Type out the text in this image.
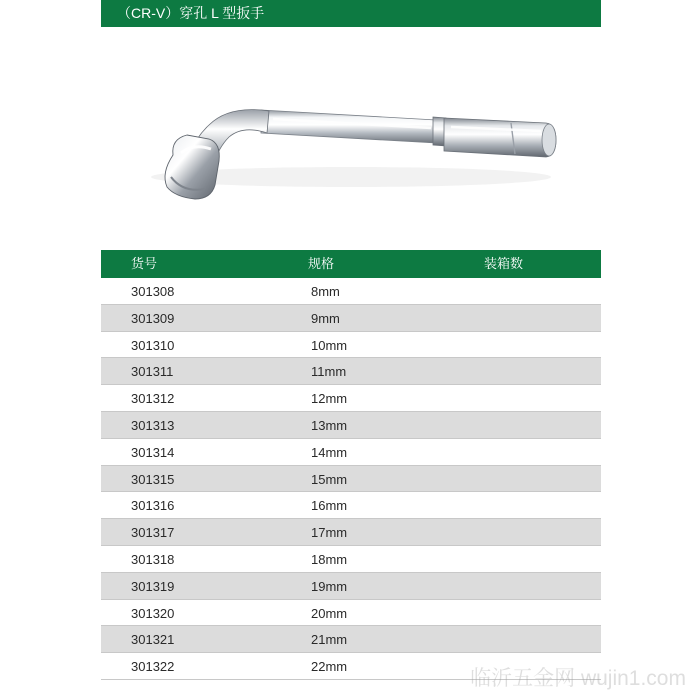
（CR-V）穿孔 L 型扳手
货号	规格	装箱数
301308	8mm
301309	9mm
301310	10mm
301311	11mm
301312	12mm
301313	13mm
301314	14mm
301315	15mm
301316	16mm
301317	17mm
301318	18mm
301319	19mm
301320	20mm
301321	21mm
301322	22mm
临沂五金网 wujin1.com
